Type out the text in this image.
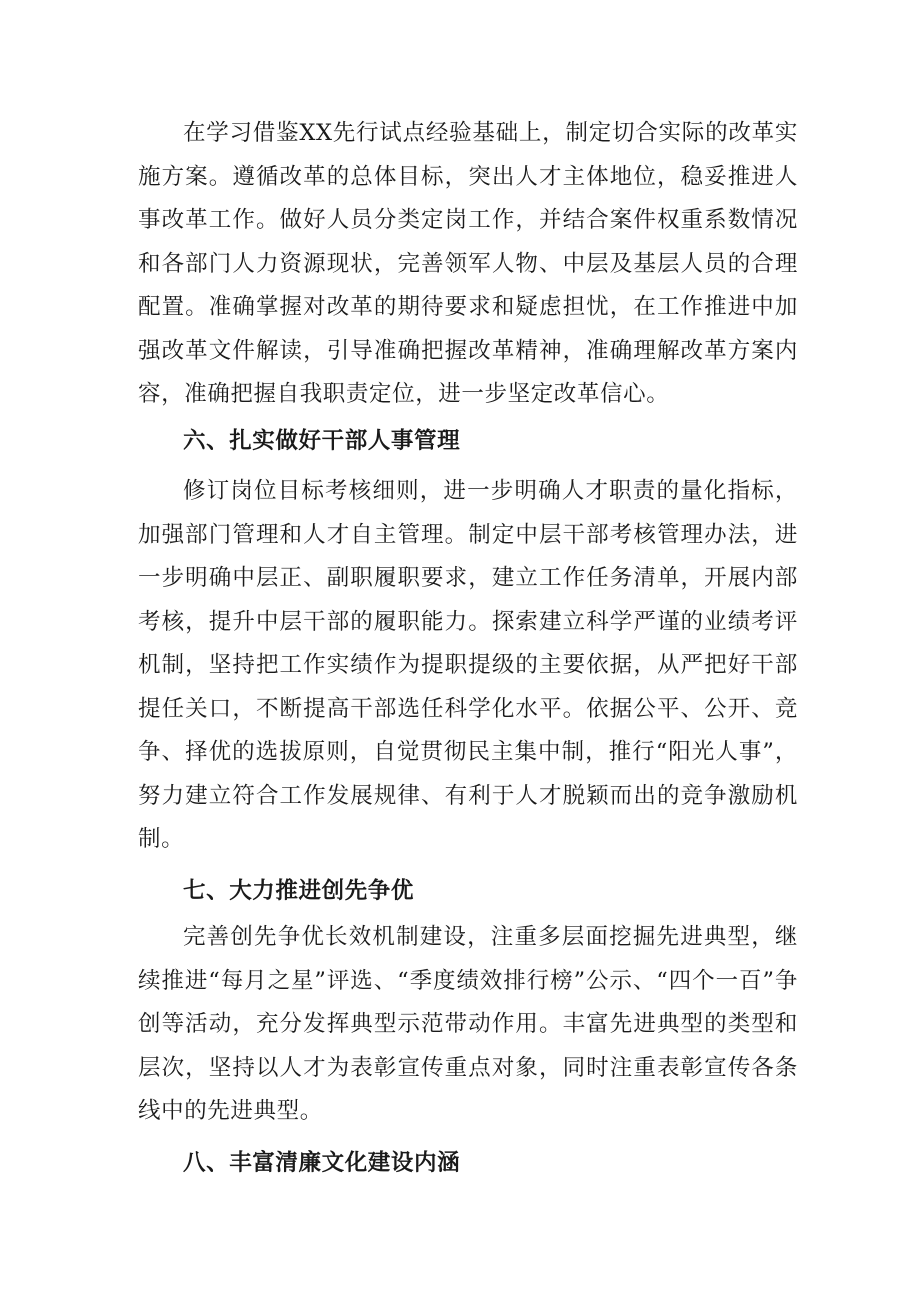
在学习借鉴XX先行试点经验基础上，制定切合实际的改革实施方案。遵循改革的总体目标，突出人才主体地位，稳妥推进人事改革工作。做好人员分类定岗工作，并结合案件权重系数情况和各部门人力资源现状，完善领军人物、中层及基层人员的合理配置。准确掌握对改革的期待要求和疑虑担忧，在工作推进中加强改革文件解读，引导准确把握改革精神，准确理解改革方案内容，准确把握自我职责定位，进一步坚定改革信心。

六、扎实做好干部人事管理

修订岗位目标考核细则，进一步明确人才职责的量化指标，加强部门管理和人才自主管理。制定中层干部考核管理办法，进一步明确中层正、副职履职要求，建立工作任务清单，开展内部考核，提升中层干部的履职能力。探索建立科学严谨的业绩考评机制，坚持把工作实绩作为提职提级的主要依据，从严把好干部提任关口，不断提高干部选任科学化水平。依据公平、公开、竞争、择优的选拔原则，自觉贯彻民主集中制，推行“阳光人事”，努力建立符合工作发展规律、有利于人才脱颖而出的竞争激励机制。

七、大力推进创先争优

完善创先争优长效机制建设，注重多层面挖掘先进典型，继续推进“每月之星”评选、“季度绩效排行榜”公示、“四个一百”争创等活动，充分发挥典型示范带动作用。丰富先进典型的类型和层次，坚持以人才为表彰宣传重点对象，同时注重表彰宣传各条线中的先进典型。

八、丰富清廉文化建设内涵
